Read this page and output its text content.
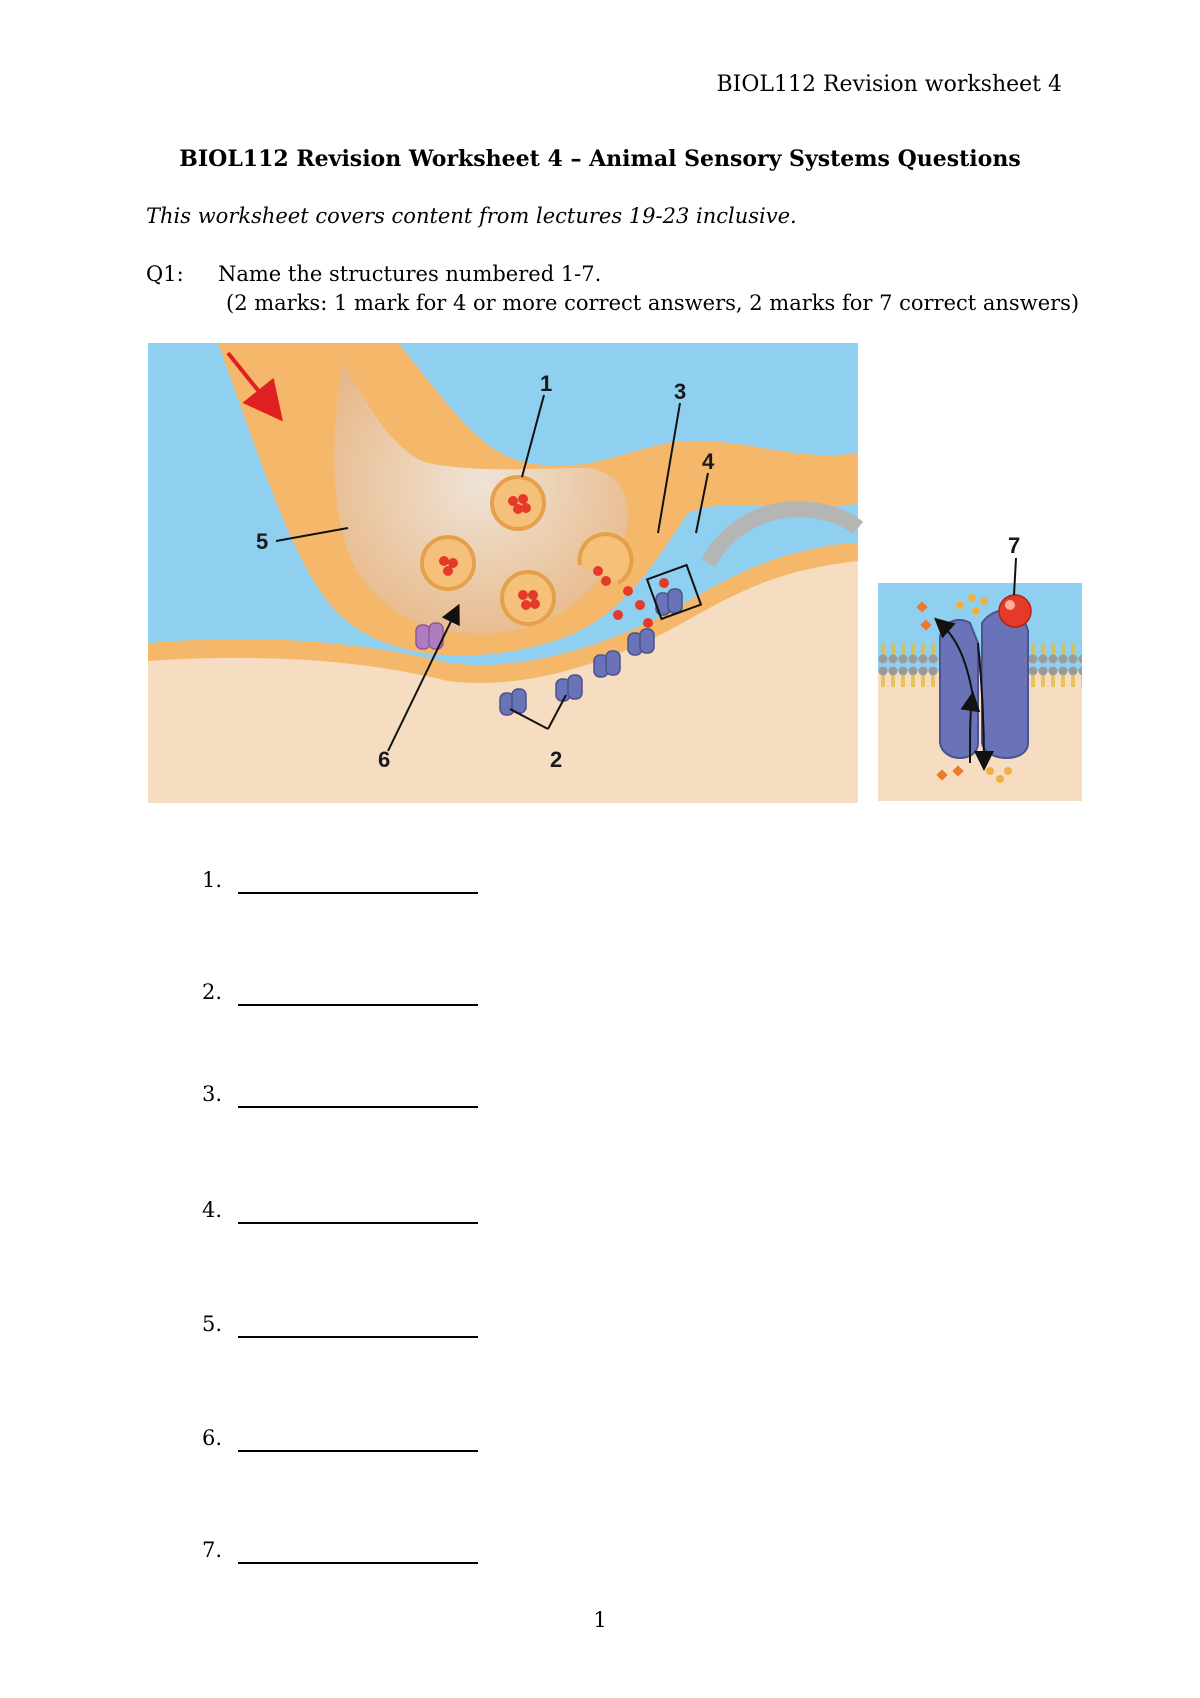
BIOL112 Revision worksheet 4
BIOL112 Revision Worksheet 4 – Animal Sensory Systems Questions
This worksheet covers content from lectures 19-23 inclusive.
Q1: Name the structures numbered 1-7.
(2 marks: 1 mark for 4 or more correct answers, 2 marks for 7 correct answers)
1
2
3
4
5
6
7
1.
2.
3.
4.
5.
6.
7.
1
